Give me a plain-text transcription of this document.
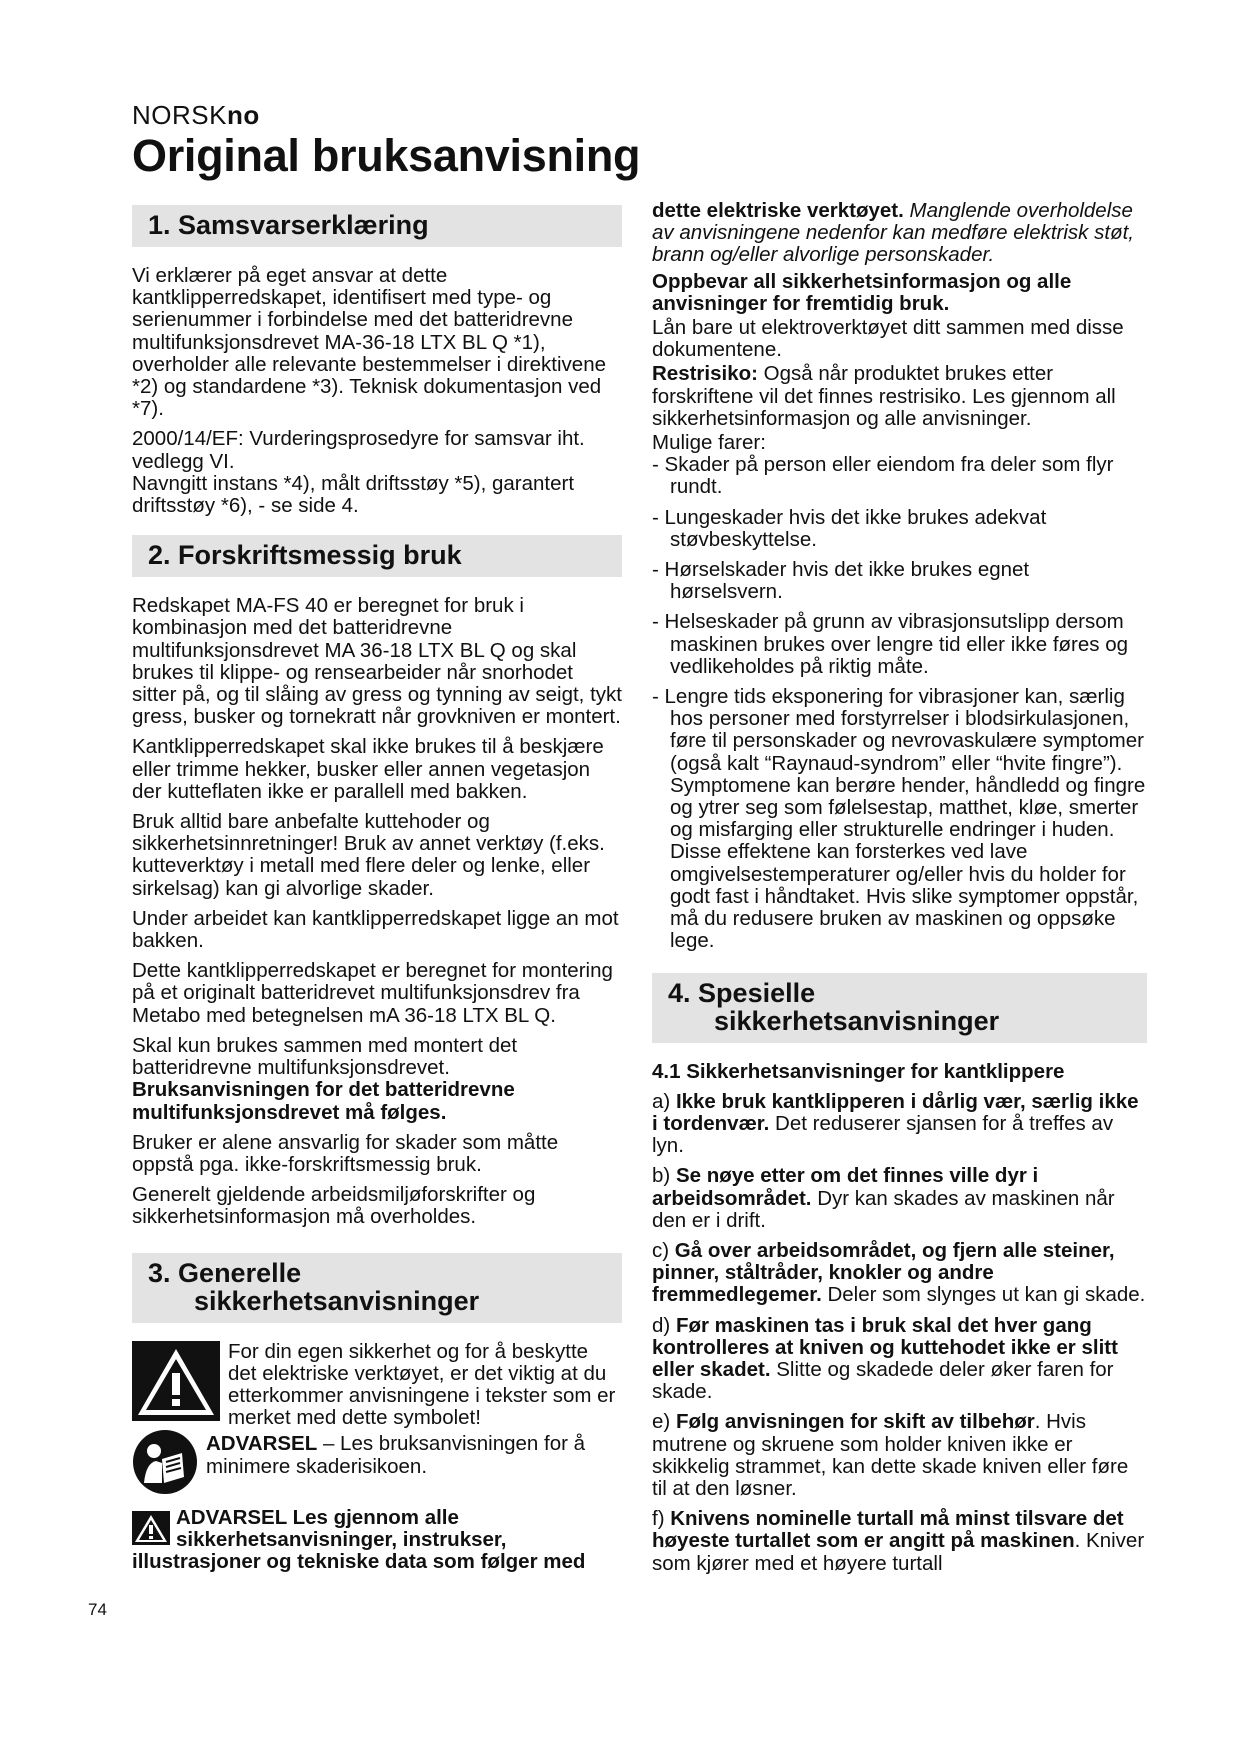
NORSKno
Original bruksanvisning
1. Samsvarserklæring

Vi erklærer på eget ansvar at dette kantklipperredskapet, identifisert med type- og serienummer i forbindelse med det batteridrevne multifunksjonsdrevet MA-36-18 LTX BL Q *1), overholder alle relevante bestemmelser i direktivene *2) og standardene *3). Teknisk dokumentasjon ved *7).

2000/14/EF: Vurderingsprosedyre for samsvar iht. vedlegg VI.

Navngitt instans *4), målt driftsstøy *5), garantert driftsstøy *6), - se side 4.

2. Forskriftsmessig bruk

Redskapet MA-FS 40 er beregnet for bruk i kombinasjon med det batteridrevne multifunksjonsdrevet MA 36-18 LTX BL Q og skal brukes til klippe- og rensearbeider når snorhodet sitter på, og til slåing av gress og tynning av seigt, tykt gress, busker og tornekratt når grovkniven er montert.

Kantklipperredskapet skal ikke brukes til å beskjære eller trimme hekker, busker eller annen vegetasjon der kutteflaten ikke er parallell med bakken.

Bruk alltid bare anbefalte kuttehoder og sikkerhetsinnretninger! Bruk av annet verktøy (f.eks. kutteverktøy i metall med flere deler og lenke, eller sirkelsag) kan gi alvorlige skader.

Under arbeidet kan kantklipperredskapet ligge an mot bakken.

Dette kantklipperredskapet er beregnet for montering på et originalt batteridrevet multifunksjonsdrev fra Metabo med betegnelsen mA 36-18 LTX BL Q.

Skal kun brukes sammen med montert det batteridrevne multifunksjonsdrevet.

Bruksanvisningen for det batteridrevne multifunksjonsdrevet må følges.

Bruker er alene ansvarlig for skader som måtte oppstå pga. ikke-forskriftsmessig bruk.

Generelt gjeldende arbeidsmiljøforskrifter og sikkerhetsinformasjon må overholdes.

3. Generelle
sikkerhetsanvisninger

For din egen sikkerhet og for å beskytte det elektriske verktøyet, er det viktig at du etterkommer anvisningene i tekster som er merket med dette symbolet!

ADVARSEL – Les bruksanvisningen for å minimere skaderisikoen.

ADVARSEL Les gjennom alle sikkerhetsanvisninger, instrukser, illustrasjoner og tekniske data som følger med

dette elektriske verktøyet. Manglende overholdelse av anvisningene nedenfor kan medføre elektrisk støt, brann og/eller alvorlige personskader.

Oppbevar all sikkerhetsinformasjon og alle anvisninger for fremtidig bruk.

Lån bare ut elektroverktøyet ditt sammen med disse dokumentene.

Restrisiko: Også når produktet brukes etter forskriftene vil det finnes restrisiko. Les gjennom all sikkerhetsinformasjon og alle anvisninger.

Mulige farer:

- Skader på person eller eiendom fra deler som flyr rundt.

- Lungeskader hvis det ikke brukes adekvat støvbeskyttelse.

- Hørselskader hvis det ikke brukes egnet hørselsvern.

- Helseskader på grunn av vibrasjonsutslipp dersom maskinen brukes over lengre tid eller ikke føres og vedlikeholdes på riktig måte.

- Lengre tids eksponering for vibrasjoner kan, særlig hos personer med forstyrrelser i blodsirkulasjonen, føre til personskader og nevrovaskulære symptomer (også kalt “Raynaud-syndrom” eller “hvite fingre”). Symptomene kan berøre hender, håndledd og fingre og ytrer seg som følelsestap, matthet, kløe, smerter og misfarging eller strukturelle endringer i huden. Disse effektene kan forsterkes ved lave omgivelsestemperaturer og/eller hvis du holder for godt fast i håndtaket. Hvis slike symptomer oppstår, må du redusere bruken av maskinen og oppsøke lege.

4. Spesielle
sikkerhetsanvisninger

4.1 Sikkerhetsanvisninger for kantklippere

a) Ikke bruk kantklipperen i dårlig vær, særlig ikke i tordenvær. Det reduserer sjansen for å treffes av lyn.

b) Se nøye etter om det finnes ville dyr i arbeidsområdet. Dyr kan skades av maskinen når den er i drift.

c) Gå over arbeidsområdet, og fjern alle steiner, pinner, ståltråder, knokler og andre fremmedlegemer. Deler som slynges ut kan gi skade.

d) Før maskinen tas i bruk skal det hver gang kontrolleres at kniven og kuttehodet ikke er slitt eller skadet. Slitte og skadede deler øker faren for skade.

e) Følg anvisningen for skift av tilbehør. Hvis mutrene og skruene som holder kniven ikke er skikkelig strammet, kan dette skade kniven eller føre til at den løsner.

f) Knivens nominelle turtall må minst tilsvare det høyeste turtallet som er angitt på maskinen. Kniver som kjører med et høyere turtall

74
